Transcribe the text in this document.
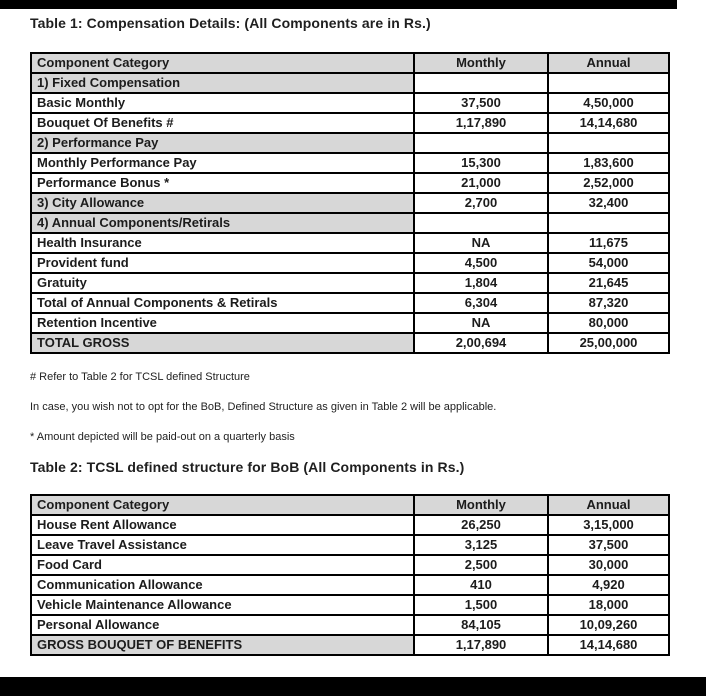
Table 1: Compensation Details: (All Components are in Rs.)
Component Category	Monthly	Annual
1) Fixed Compensation		
Basic Monthly	37,500	4,50,000
Bouquet Of Benefits #	1,17,890	14,14,680
2) Performance Pay		
Monthly Performance Pay	15,300	1,83,600
Performance Bonus *	21,000	2,52,000
3) City Allowance	2,700	32,400
4) Annual Components/Retirals		
Health Insurance	NA	11,675
Provident fund	4,500	54,000
Gratuity	1,804	21,645
Total of Annual Components & Retirals	6,304	87,320
Retention Incentive	NA	80,000
TOTAL GROSS	2,00,694	25,00,000

# Refer to Table 2 for TCSL defined Structure

In case, you wish not to opt for the BoB, Defined Structure as given in Table 2 will be applicable.

* Amount depicted will be paid-out on a quarterly basis

Table 2: TCSL defined structure for BoB (All Components in Rs.)
Component Category	Monthly	Annual
House Rent Allowance	26,250	3,15,000
Leave Travel Assistance	3,125	37,500
Food Card	2,500	30,000
Communication Allowance	410	4,920
Vehicle Maintenance Allowance	1,500	18,000
Personal Allowance	84,105	10,09,260
GROSS BOUQUET OF BENEFITS	1,17,890	14,14,680
